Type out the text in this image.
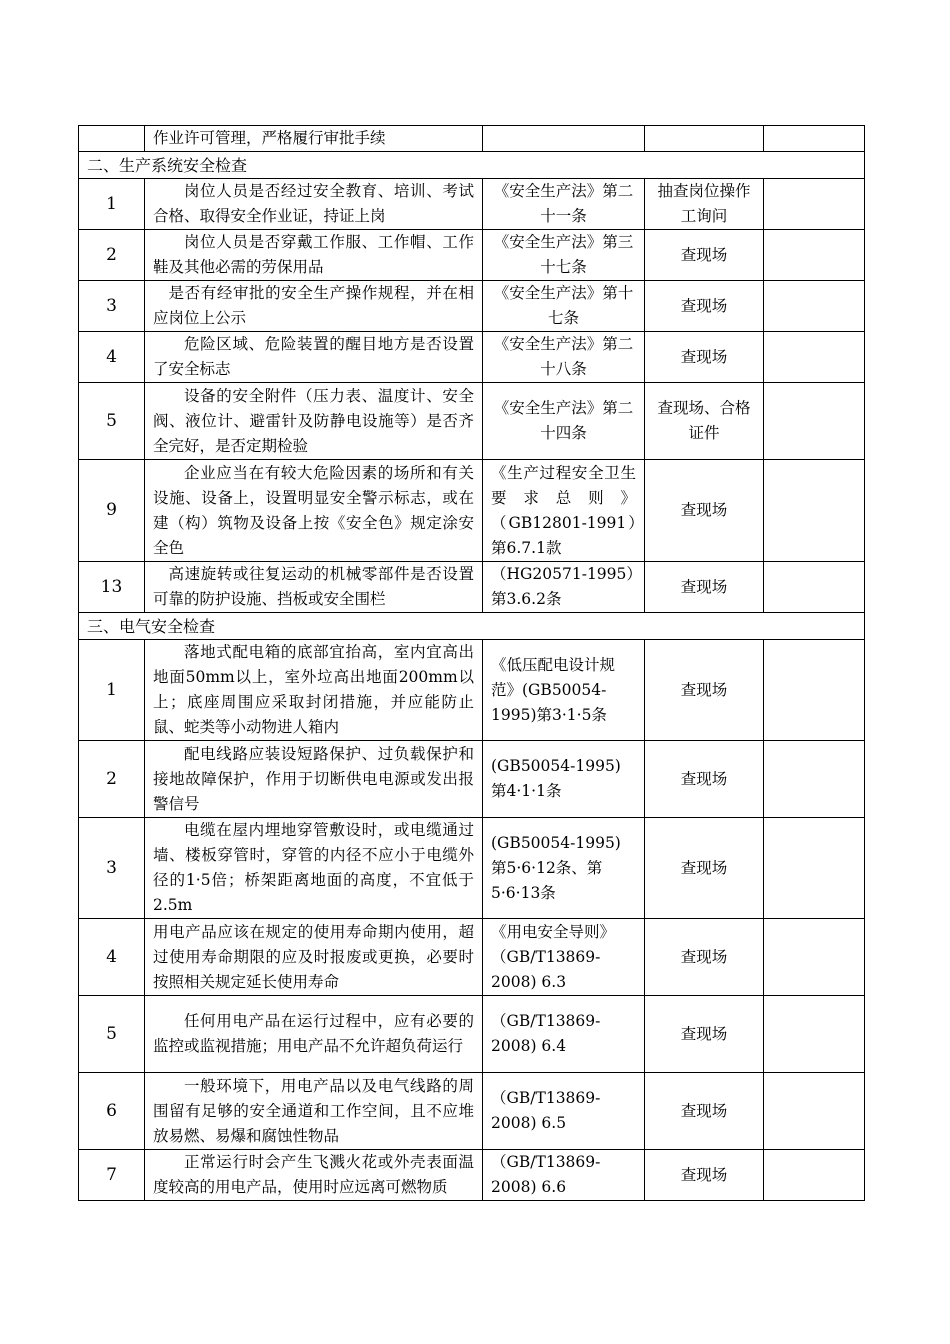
	作业许可管理，严格履行审批手续			

二、生产系统安全检查				
1	岗位人员是否经过安全教育、培训、考试合格、取得安全作业证，持证上岗	《安全生产法》第二十一条	抽查岗位操作工询问	
2	岗位人员是否穿戴工作服、工作帽、工作鞋及其他必需的劳保用品	《安全生产法》第三十七条	查现场	
3	是否有经审批的安全生产操作规程，并在相应岗位上公示	《安全生产法》第十七条	查现场	
4	危险区域、危险装置的醒目地方是否设置了安全标志	《安全生产法》第二十八条	查现场	
5	设备的安全附件（压力表、温度计、安全阀、液位计、避雷针及防静电设施等）是否齐全完好，是否定期检验	《安全生产法》第二十四条	查现场、合格证件	
9	企业应当在有较大危险因素的场所和有关设施、设备上，设置明显安全警示标志，或在建（构）筑物及设备上按《安全色》规定涂安全色	《生产过程安全卫生要求总则》（GB12801-1991）第6.7.1款	查现场	
13	高速旋转或往复运动的机械零部件是否设置可靠的防护设施、挡板或安全围栏	（HG20571-1995）第3.6.2条	查现场	
三、电气安全检查				
1	落地式配电箱的底部宜抬高，室内宜高出地面50mm以上，室外垃高出地面200mm以上；底座周围应采取封闭措施，并应能防止鼠、蛇类等小动物进人箱内	《低压配电设计规范》(GB50054-1995)第3·1·5条	查现场	
2	配电线路应装设短路保护、过负载保护和接地故障保护，作用于切断供电电源或发出报警信号	(GB50054-1995) 第4·1·1条	查现场	
3	电缆在屋内埋地穿管敷设时，或电缆通过墙、楼板穿管时，穿管的内径不应小于电缆外径的1·5倍；桥架距离地面的高度，不宜低于2.5m	(GB50054-1995) 第5·6·12条、第5·6·13条	查现场	
4	用电产品应该在规定的使用寿命期内使用，超过使用寿命期限的应及时报废或更换，必要时按照相关规定延长使用寿命	《用电安全导则》（GB/T13869-2008) 6.3	查现场	
5	任何用电产品在运行过程中，应有必要的监控或监视措施；用电产品不允许超负荷运行	（GB/T13869-2008) 6.4	查现场	
6	一般环境下，用电产品以及电气线路的周围留有足够的安全通道和工作空间，且不应堆放易燃、易爆和腐蚀性物品	（GB/T13869-2008) 6.5	查现场	
7	正常运行时会产生飞溅火花或外壳表面温度较高的用电产品，使用时应远离可燃物质	（GB/T13869-2008) 6.6	查现场	
